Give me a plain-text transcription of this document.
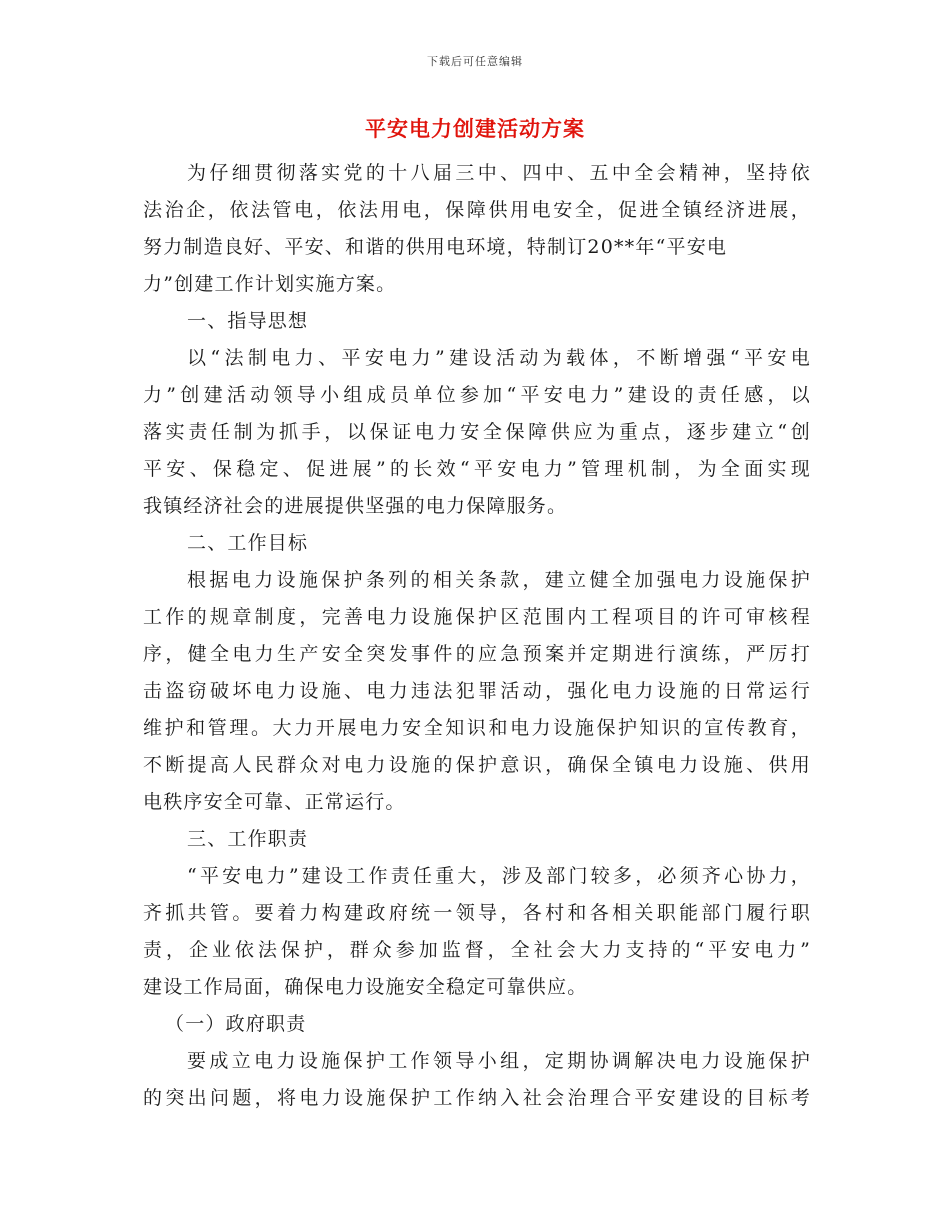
下载后可任意编辑
平安电力创建活动方案
为仔细贯彻落实党的十八届三中、四中、五中全会精神，坚持依
法治企，依法管电，依法用电，保障供用电安全，促进全镇经济进展，
努力制造良好、平安、和谐的供用电环境，特制订20**年“平安电
力”创建工作计划实施方案。
一、指导思想
以“法制电力、平安电力”建设活动为载体，不断增强“平安电
力”创建活动领导小组成员单位参加“平安电力”建设的责任感，以
落实责任制为抓手，以保证电力安全保障供应为重点，逐步建立“创
平安、保稳定、促进展”的长效“平安电力”管理机制，为全面实现
我镇经济社会的进展提供坚强的电力保障服务。
二、工作目标
根据电力设施保护条列的相关条款，建立健全加强电力设施保护
工作的规章制度，完善电力设施保护区范围内工程项目的许可审核程
序，健全电力生产安全突发事件的应急预案并定期进行演练，严厉打
击盗窃破坏电力设施、电力违法犯罪活动，强化电力设施的日常运行
维护和管理。大力开展电力安全知识和电力设施保护知识的宣传教育，
不断提高人民群众对电力设施的保护意识，确保全镇电力设施、供用
电秩序安全可靠、正常运行。
三、工作职责
“平安电力”建设工作责任重大，涉及部门较多，必须齐心协力，
齐抓共管。要着力构建政府统一领导，各村和各相关职能部门履行职
责，企业依法保护，群众参加监督，全社会大力支持的“平安电力”
建设工作局面，确保电力设施安全稳定可靠供应。
（一）政府职责
要成立电力设施保护工作领导小组，定期协调解决电力设施保护
的突出问题，将电力设施保护工作纳入社会治理合平安建设的目标考
